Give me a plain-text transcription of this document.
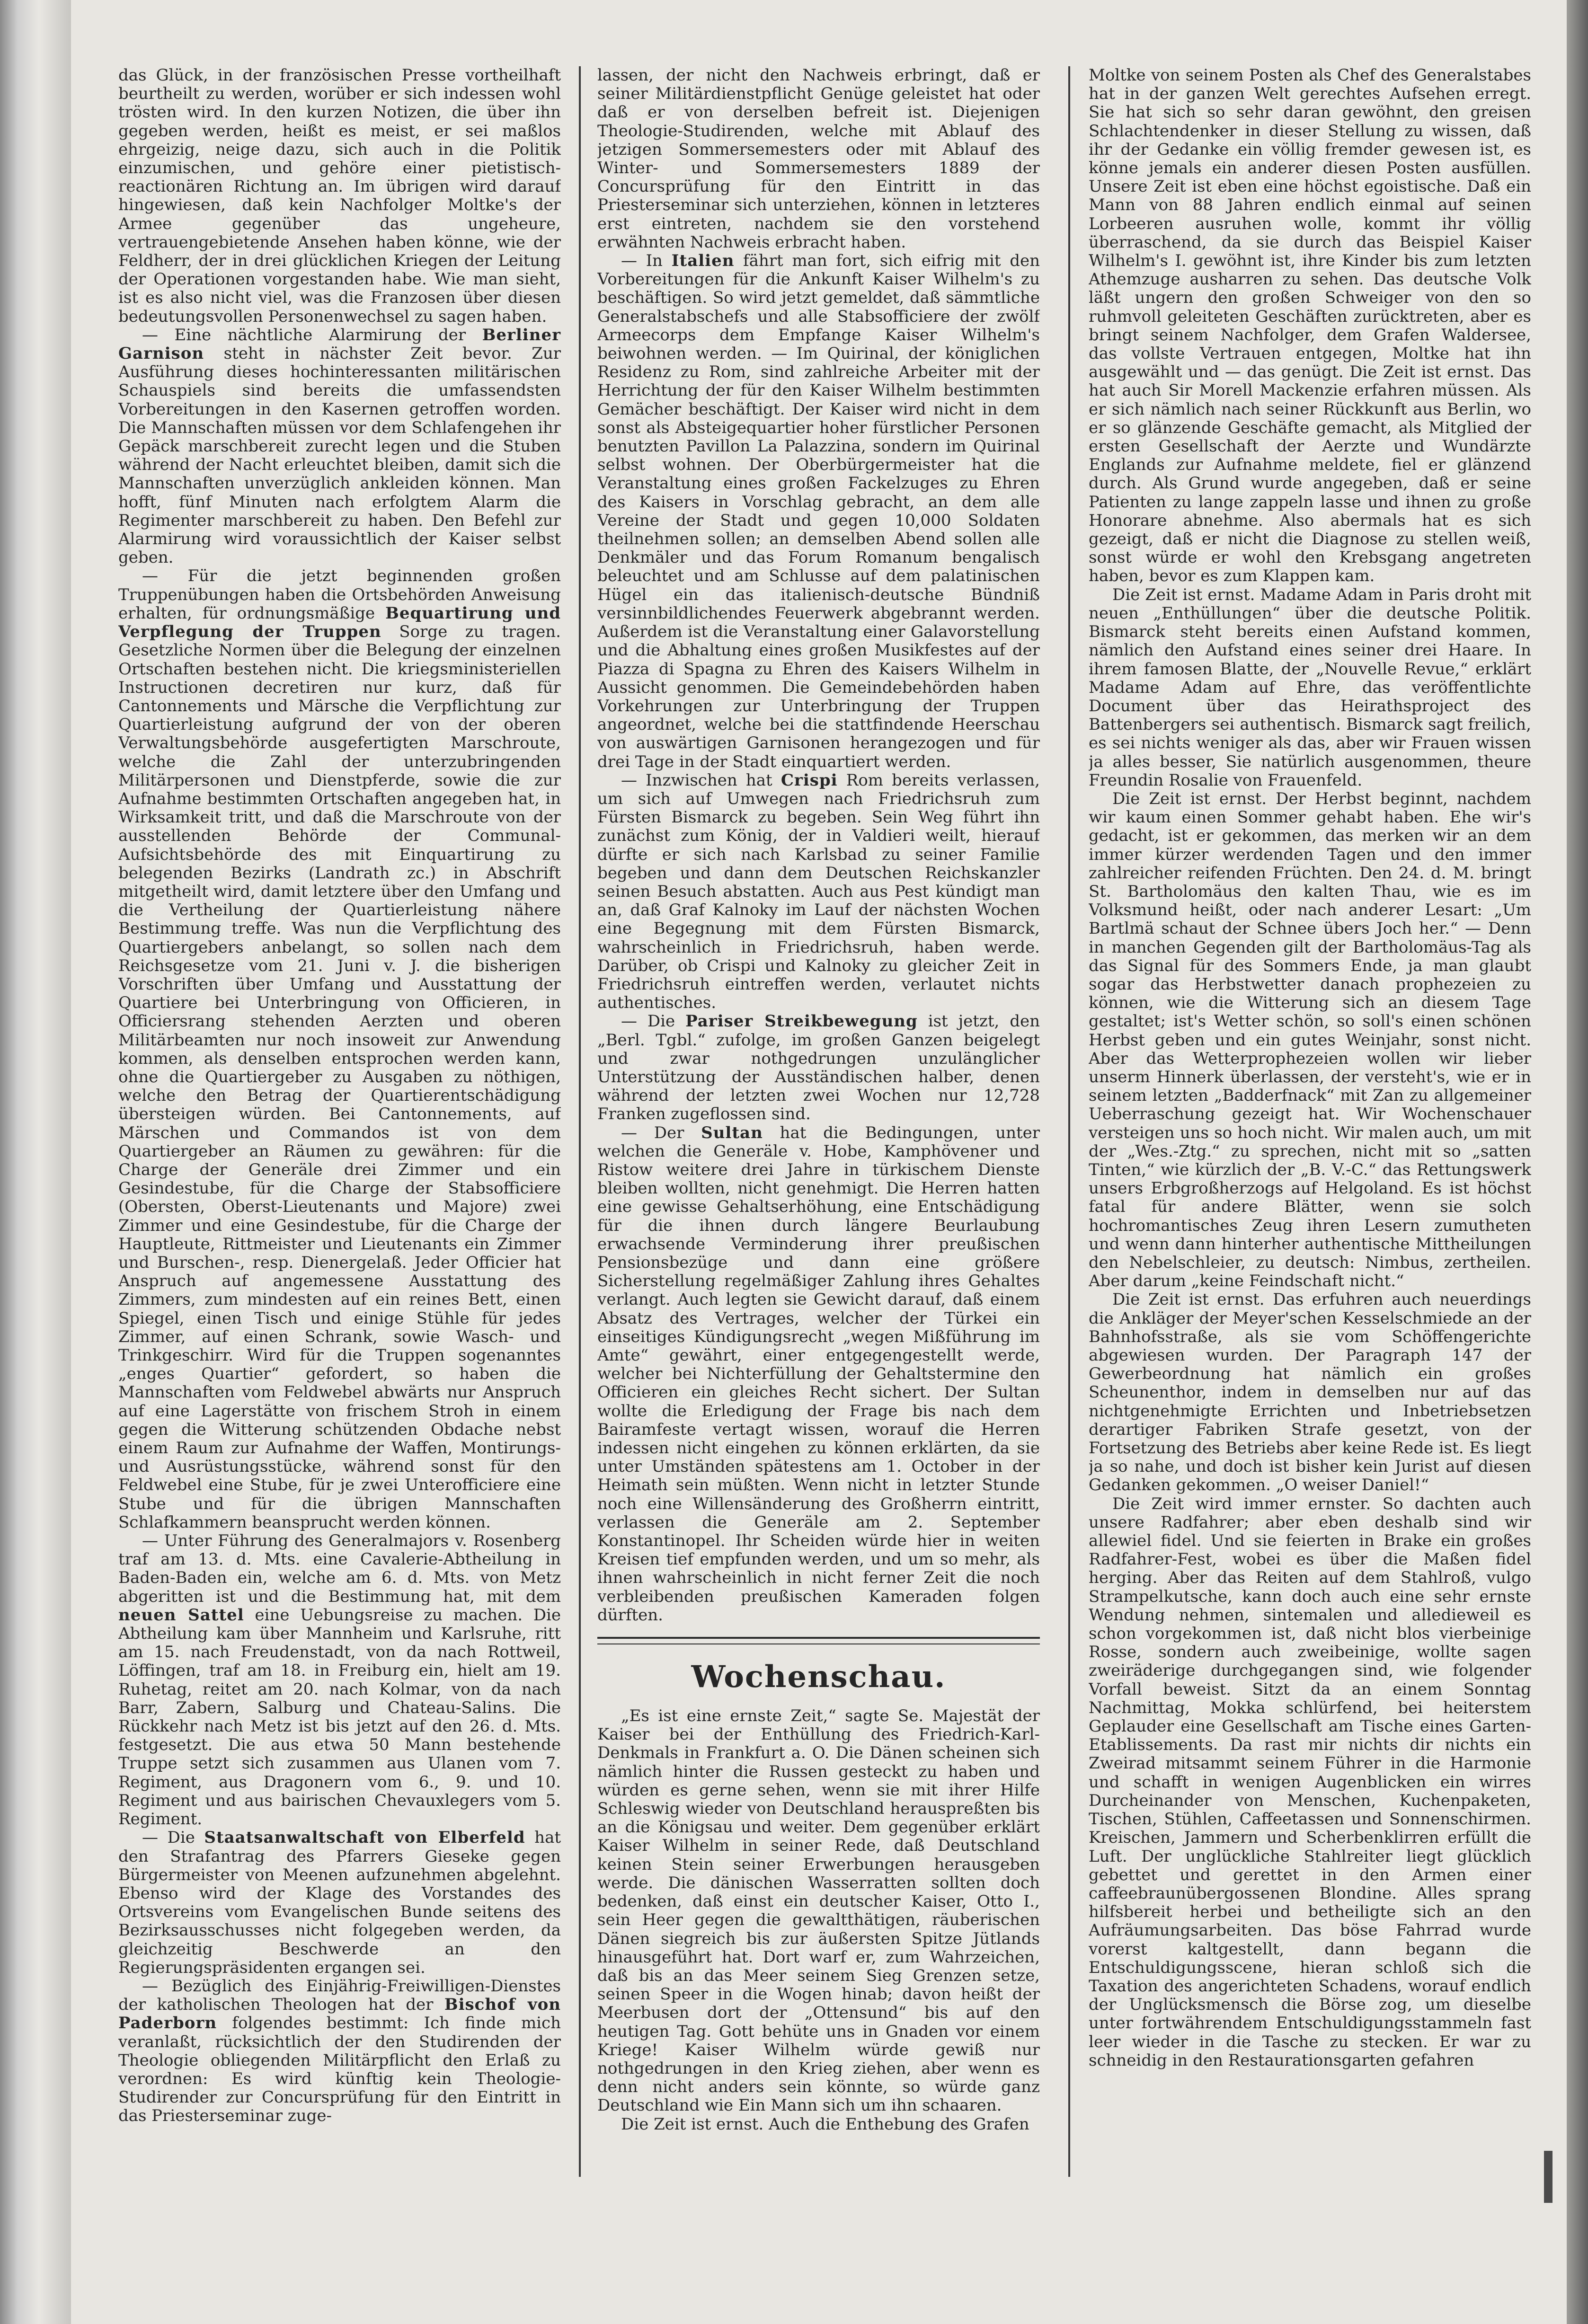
das Glück, in der französischen Presse vortheilhaft beurtheilt zu werden, worüber er sich indessen wohl trösten wird. In den kurzen Notizen, die über ihn gegeben werden, heißt es meist, er sei maßlos ehrgeizig, neige dazu, sich auch in die Politik einzumischen, und gehöre einer pietistisch-reactionären Richtung an. Im übrigen wird darauf hingewiesen, daß kein Nachfolger Moltke's der Armee gegenüber das ungeheure, vertrauengebietende Ansehen haben könne, wie der Feldherr, der in drei glücklichen Kriegen der Leitung der Operationen vorgestanden habe. Wie man sieht, ist es also nicht viel, was die Franzosen über diesen bedeutungsvollen Personenwechsel zu sagen haben.

— Eine nächtliche Alarmirung der Berliner Garnison steht in nächster Zeit bevor. Zur Ausführung dieses hochinteressanten militärischen Schauspiels sind bereits die umfassendsten Vorbereitungen in den Kasernen getroffen worden. Die Mannschaften müssen vor dem Schlafengehen ihr Gepäck marschbereit zurecht legen und die Stuben während der Nacht erleuchtet bleiben, damit sich die Mannschaften unverzüglich ankleiden können. Man hofft, fünf Minuten nach erfolgtem Alarm die Regimenter marschbereit zu haben. Den Befehl zur Alarmirung wird voraussichtlich der Kaiser selbst geben.

— Für die jetzt beginnenden großen Truppenübungen haben die Ortsbehörden Anweisung erhalten, für ordnungsmäßige Bequartirung und Verpflegung der Truppen Sorge zu tragen. Gesetzliche Normen über die Belegung der einzelnen Ortschaften bestehen nicht. Die kriegsministeriellen Instructionen decretiren nur kurz, daß für Cantonnements und Märsche die Verpflichtung zur Quartierleistung aufgrund der von der oberen Verwaltungsbehörde ausgefertigten Marschroute, welche die Zahl der unterzubringenden Militärpersonen und Dienstpferde, sowie die zur Aufnahme bestimmten Ortschaften angegeben hat, in Wirksamkeit tritt, und daß die Marschroute von der ausstellenden Behörde der Communal-Aufsichtsbehörde des mit Einquartirung zu belegenden Bezirks (Landrath zc.) in Abschrift mitgetheilt wird, damit letztere über den Umfang und die Vertheilung der Quartierleistung nähere Bestimmung treffe. Was nun die Verpflichtung des Quartiergebers anbelangt, so sollen nach dem Reichsgesetze vom 21. Juni v. J. die bisherigen Vorschriften über Umfang und Ausstattung der Quartiere bei Unterbringung von Officieren, in Officiersrang stehenden Aerzten und oberen Militärbeamten nur noch insoweit zur Anwendung kommen, als denselben entsprochen werden kann, ohne die Quartiergeber zu Ausgaben zu nöthigen, welche den Betrag der Quartierentschädigung übersteigen würden. Bei Cantonnements, auf Märschen und Commandos ist von dem Quartiergeber an Räumen zu gewähren: für die Charge der Generäle drei Zimmer und ein Gesindestube, für die Charge der Stabsofficiere (Obersten, Oberst-Lieutenants und Majore) zwei Zimmer und eine Gesindestube, für die Charge der Hauptleute, Rittmeister und Lieutenants ein Zimmer und Burschen-, resp. Dienergelaß. Jeder Officier hat Anspruch auf angemessene Ausstattung des Zimmers, zum mindesten auf ein reines Bett, einen Spiegel, einen Tisch und einige Stühle für jedes Zimmer, auf einen Schrank, sowie Wasch- und Trinkgeschirr. Wird für die Truppen sogenanntes „enges Quartier“ gefordert, so haben die Mannschaften vom Feldwebel abwärts nur Anspruch auf eine Lagerstätte von frischem Stroh in einem gegen die Witterung schützenden Obdache nebst einem Raum zur Aufnahme der Waffen, Montirungs- und Ausrüstungsstücke, während sonst für den Feldwebel eine Stube, für je zwei Unterofficiere eine Stube und für die übrigen Mannschaften Schlafkammern beansprucht werden können.

— Unter Führung des Generalmajors v. Rosenberg traf am 13. d. Mts. eine Cavalerie-Abtheilung in Baden-Baden ein, welche am 6. d. Mts. von Metz abgeritten ist und die Bestimmung hat, mit dem neuen Sattel eine Uebungsreise zu machen. Die Abtheilung kam über Mannheim und Karlsruhe, ritt am 15. nach Freudenstadt, von da nach Rottweil, Löffingen, traf am 18. in Freiburg ein, hielt am 19. Ruhetag, reitet am 20. nach Kolmar, von da nach Barr, Zabern, Salburg und Chateau-Salins. Die Rückkehr nach Metz ist bis jetzt auf den 26. d. Mts. festgesetzt. Die aus etwa 50 Mann bestehende Truppe setzt sich zusammen aus Ulanen vom 7. Regiment, aus Dragonern vom 6., 9. und 10. Regiment und aus bairischen Chevauxlegers vom 5. Regiment.

— Die Staatsanwaltschaft von Elberfeld hat den Strafantrag des Pfarrers Gieseke gegen Bürgermeister von Meenen aufzunehmen abgelehnt. Ebenso wird der Klage des Vorstandes des Ortsvereins vom Evangelischen Bunde seitens des Bezirksausschusses nicht folgegeben werden, da gleichzeitig Beschwerde an den Regierungspräsidenten ergangen sei.

— Bezüglich des Einjährig-Freiwilligen-Dienstes der katholischen Theologen hat der Bischof von Paderborn folgendes bestimmt: Ich finde mich veranlaßt, rücksichtlich der den Studirenden der Theologie obliegenden Militärpflicht den Erlaß zu verordnen: Es wird künftig kein Theologie-Studirender zur Concursprüfung für den Eintritt in das Priesterseminar zuge-

lassen, der nicht den Nachweis erbringt, daß er seiner Militärdienstpflicht Genüge geleistet hat oder daß er von derselben befreit ist. Diejenigen Theologie-Studirenden, welche mit Ablauf des jetzigen Sommersemesters oder mit Ablauf des Winter- und Sommersemesters 1889 der Concursprüfung für den Eintritt in das Priesterseminar sich unterziehen, können in letzteres erst eintreten, nachdem sie den vorstehend erwähnten Nachweis erbracht haben.

— In Italien fährt man fort, sich eifrig mit den Vorbereitungen für die Ankunft Kaiser Wilhelm's zu beschäftigen. So wird jetzt gemeldet, daß sämmtliche Generalstabschefs und alle Stabsofficiere der zwölf Armeecorps dem Empfange Kaiser Wilhelm's beiwohnen werden. — Im Quirinal, der königlichen Residenz zu Rom, sind zahlreiche Arbeiter mit der Herrichtung der für den Kaiser Wilhelm bestimmten Gemächer beschäftigt. Der Kaiser wird nicht in dem sonst als Absteigequartier hoher fürstlicher Personen benutzten Pavillon La Palazzina, sondern im Quirinal selbst wohnen. Der Oberbürgermeister hat die Veranstaltung eines großen Fackelzuges zu Ehren des Kaisers in Vorschlag gebracht, an dem alle Vereine der Stadt und gegen 10,000 Soldaten theilnehmen sollen; an demselben Abend sollen alle Denkmäler und das Forum Romanum bengalisch beleuchtet und am Schlusse auf dem palatinischen Hügel ein das italienisch-deutsche Bündniß versinnbildlichendes Feuerwerk abgebrannt werden. Außerdem ist die Veranstaltung einer Galavorstellung und die Abhaltung eines großen Musikfestes auf der Piazza di Spagna zu Ehren des Kaisers Wilhelm in Aussicht genommen. Die Gemeindebehörden haben Vorkehrungen zur Unterbringung der Truppen angeordnet, welche bei die stattfindende Heerschau von auswärtigen Garnisonen herangezogen und für drei Tage in der Stadt einquartiert werden.

— Inzwischen hat Crispi Rom bereits verlassen, um sich auf Umwegen nach Friedrichsruh zum Fürsten Bismarck zu begeben. Sein Weg führt ihn zunächst zum König, der in Valdieri weilt, hierauf dürfte er sich nach Karlsbad zu seiner Familie begeben und dann dem Deutschen Reichskanzler seinen Besuch abstatten. Auch aus Pest kündigt man an, daß Graf Kalnoky im Lauf der nächsten Wochen eine Begegnung mit dem Fürsten Bismarck, wahrscheinlich in Friedrichsruh, haben werde. Darüber, ob Crispi und Kalnoky zu gleicher Zeit in Friedrichsruh eintreffen werden, verlautet nichts authentisches.

— Die Pariser Streikbewegung ist jetzt, den „Berl. Tgbl.“ zufolge, im großen Ganzen beigelegt und zwar nothgedrungen unzulänglicher Unterstützung der Ausständischen halber, denen während der letzten zwei Wochen nur 12,728 Franken zugeflossen sind.

— Der Sultan hat die Bedingungen, unter welchen die Generäle v. Hobe, Kamphövener und Ristow weitere drei Jahre in türkischem Dienste bleiben wollten, nicht genehmigt. Die Herren hatten eine gewisse Gehaltserhöhung, eine Entschädigung für die ihnen durch längere Beurlaubung erwachsende Verminderung ihrer preußischen Pensionsbezüge und dann eine größere Sicherstellung regelmäßiger Zahlung ihres Gehaltes verlangt. Auch legten sie Gewicht darauf, daß einem Absatz des Vertrages, welcher der Türkei ein einseitiges Kündigungsrecht „wegen Mißführung im Amte“ gewährt, einer entgegengestellt werde, welcher bei Nichterfüllung der Gehaltstermine den Officieren ein gleiches Recht sichert. Der Sultan wollte die Erledigung der Frage bis nach dem Bairamfeste vertagt wissen, worauf die Herren indessen nicht eingehen zu können erklärten, da sie unter Umständen spätestens am 1. October in der Heimath sein müßten. Wenn nicht in letzter Stunde noch eine Willensänderung des Großherrn eintritt, verlassen die Generäle am 2. September Konstantinopel. Ihr Scheiden würde hier in weiten Kreisen tief empfunden werden, und um so mehr, als ihnen wahrscheinlich in nicht ferner Zeit die noch verbleibenden preußischen Kameraden folgen dürften.

Wochenschau.

„Es ist eine ernste Zeit,“ sagte Se. Majestät der Kaiser bei der Enthüllung des Friedrich-Karl-Denkmals in Frankfurt a. O. Die Dänen scheinen sich nämlich hinter die Russen gesteckt zu haben und würden es gerne sehen, wenn sie mit ihrer Hilfe Schleswig wieder von Deutschland herauspreßten bis an die Königsau und weiter. Dem gegenüber erklärt Kaiser Wilhelm in seiner Rede, daß Deutschland keinen Stein seiner Erwerbungen herausgeben werde. Die dänischen Wasserratten sollten doch bedenken, daß einst ein deutscher Kaiser, Otto I., sein Heer gegen die gewaltthätigen, räuberischen Dänen siegreich bis zur äußersten Spitze Jütlands hinausgeführt hat. Dort warf er, zum Wahrzeichen, daß bis an das Meer seinem Sieg Grenzen setze, seinen Speer in die Wogen hinab; davon heißt der Meerbusen dort der „Ottensund“ bis auf den heutigen Tag. Gott behüte uns in Gnaden vor einem Kriege! Kaiser Wilhelm würde gewiß nur nothgedrungen in den Krieg ziehen, aber wenn es denn nicht anders sein könnte, so würde ganz Deutschland wie Ein Mann sich um ihn schaaren.

Die Zeit ist ernst. Auch die Enthebung des Grafen

Moltke von seinem Posten als Chef des Generalstabes hat in der ganzen Welt gerechtes Aufsehen erregt. Sie hat sich so sehr daran gewöhnt, den greisen Schlachtendenker in dieser Stellung zu wissen, daß ihr der Gedanke ein völlig fremder gewesen ist, es könne jemals ein anderer diesen Posten ausfüllen. Unsere Zeit ist eben eine höchst egoistische. Daß ein Mann von 88 Jahren endlich einmal auf seinen Lorbeeren ausruhen wolle, kommt ihr völlig überraschend, da sie durch das Beispiel Kaiser Wilhelm's I. gewöhnt ist, ihre Kinder bis zum letzten Athemzuge ausharren zu sehen. Das deutsche Volk läßt ungern den großen Schweiger von den so ruhmvoll geleiteten Geschäften zurücktreten, aber es bringt seinem Nachfolger, dem Grafen Waldersee, das vollste Vertrauen entgegen, Moltke hat ihn ausgewählt und — das genügt. Die Zeit ist ernst. Das hat auch Sir Morell Mackenzie erfahren müssen. Als er sich nämlich nach seiner Rückkunft aus Berlin, wo er so glänzende Geschäfte gemacht, als Mitglied der ersten Gesellschaft der Aerzte und Wundärzte Englands zur Aufnahme meldete, fiel er glänzend durch. Als Grund wurde angegeben, daß er seine Patienten zu lange zappeln lasse und ihnen zu große Honorare abnehme. Also abermals hat es sich gezeigt, daß er nicht die Diagnose zu stellen weiß, sonst würde er wohl den Krebsgang angetreten haben, bevor es zum Klappen kam.

Die Zeit ist ernst. Madame Adam in Paris droht mit neuen „Enthüllungen“ über die deutsche Politik. Bismarck steht bereits einen Aufstand kommen, nämlich den Aufstand eines seiner drei Haare. In ihrem famosen Blatte, der „Nouvelle Revue,“ erklärt Madame Adam auf Ehre, das veröffentlichte Document über das Heirathsproject des Battenbergers sei authentisch. Bismarck sagt freilich, es sei nichts weniger als das, aber wir Frauen wissen ja alles besser, Sie natürlich ausgenommen, theure Freundin Rosalie von Frauenfeld.

Die Zeit ist ernst. Der Herbst beginnt, nachdem wir kaum einen Sommer gehabt haben. Ehe wir's gedacht, ist er gekommen, das merken wir an dem immer kürzer werdenden Tagen und den immer zahlreicher reifenden Früchten. Den 24. d. M. bringt St. Bartholomäus den kalten Thau, wie es im Volksmund heißt, oder nach anderer Lesart: „Um Bartlmä schaut der Schnee übers Joch her.“ — Denn in manchen Gegenden gilt der Bartholomäus-Tag als das Signal für des Sommers Ende, ja man glaubt sogar das Herbstwetter danach prophezeien zu können, wie die Witterung sich an diesem Tage gestaltet; ist's Wetter schön, so soll's einen schönen Herbst geben und ein gutes Weinjahr, sonst nicht. Aber das Wetterprophezeien wollen wir lieber unserm Hinnerk überlassen, der versteht's, wie er in seinem letzten „Badderfnack“ mit Zan zu allgemeiner Ueberraschung gezeigt hat. Wir Wochenschauer versteigen uns so hoch nicht. Wir malen auch, um mit der „Wes.-Ztg.“ zu sprechen, nicht mit so „satten Tinten,“ wie kürzlich der „B. V.-C.“ das Rettungswerk unsers Erbgroßherzogs auf Helgoland. Es ist höchst fatal für andere Blätter, wenn sie solch hochromantisches Zeug ihren Lesern zumutheten und wenn dann hinterher authentische Mittheilungen den Nebelschleier, zu deutsch: Nimbus, zertheilen. Aber darum „keine Feindschaft nicht.“

Die Zeit ist ernst. Das erfuhren auch neuerdings die Ankläger der Meyer'schen Kesselschmiede an der Bahnhofsstraße, als sie vom Schöffengerichte abgewiesen wurden. Der Paragraph 147 der Gewerbeordnung hat nämlich ein großes Scheunenthor, indem in demselben nur auf das nichtgenehmigte Errichten und Inbetriebsetzen derartiger Fabriken Strafe gesetzt, von der Fortsetzung des Betriebs aber keine Rede ist. Es liegt ja so nahe, und doch ist bisher kein Jurist auf diesen Gedanken gekommen. „O weiser Daniel!“

Die Zeit wird immer ernster. So dachten auch unsere Radfahrer; aber eben deshalb sind wir allewiel fidel. Und sie feierten in Brake ein großes Radfahrer-Fest, wobei es über die Maßen fidel herging. Aber das Reiten auf dem Stahlroß, vulgo Strampelkutsche, kann doch auch eine sehr ernste Wendung nehmen, sintemalen und alledieweil es schon vorgekommen ist, daß nicht blos vierbeinige Rosse, sondern auch zweibeinige, wollte sagen zweiräderige durchgegangen sind, wie folgender Vorfall beweist. Sitzt da an einem Sonntag Nachmittag, Mokka schlürfend, bei heiterstem Geplauder eine Gesellschaft am Tische eines Garten-Etablissements. Da rast mir nichts dir nichts ein Zweirad mitsammt seinem Führer in die Harmonie und schafft in wenigen Augenblicken ein wirres Durcheinander von Menschen, Kuchenpaketen, Tischen, Stühlen, Caffeetassen und Sonnenschirmen. Kreischen, Jammern und Scherbenklirren erfüllt die Luft. Der unglückliche Stahlreiter liegt glücklich gebettet und gerettet in den Armen einer caffeebraunübergossenen Blondine. Alles sprang hilfsbereit herbei und betheiligte sich an den Aufräumungsarbeiten. Das böse Fahrrad wurde vorerst kaltgestellt, dann begann die Entschuldigungsscene, hieran schloß sich die Taxation des angerichteten Schadens, worauf endlich der Unglücksmensch die Börse zog, um dieselbe unter fortwährendem Entschuldigungsstammeln fast leer wieder in die Tasche zu stecken. Er war zu schneidig in den Restaurationsgarten gefahren
